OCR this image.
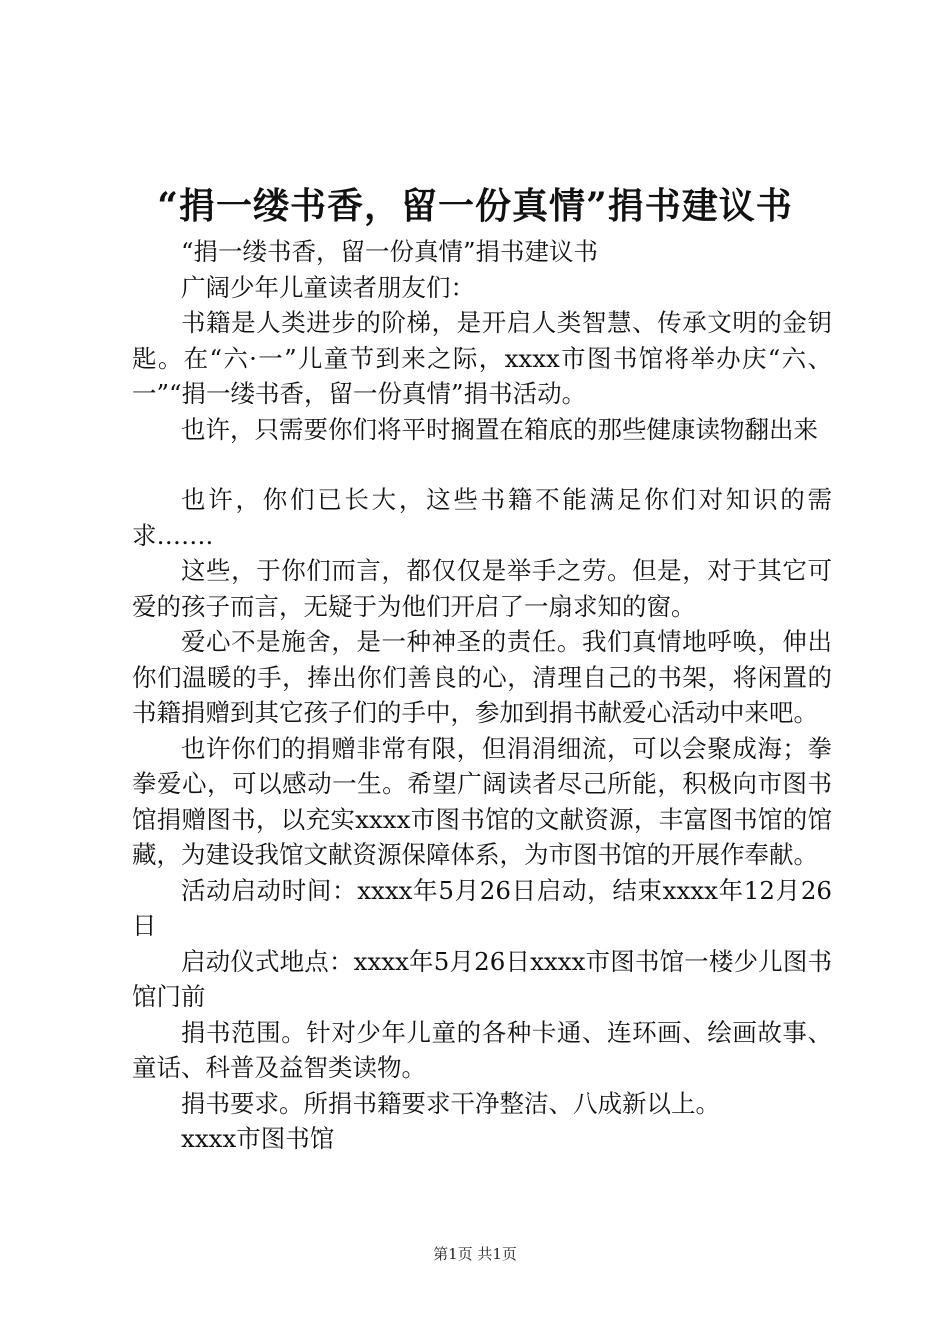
“捐一缕书香，留一份真情”捐书建议书

“捐一缕书香，留一份真情”捐书建议书

广阔少年儿童读者朋友们：

书籍是人类进步的阶梯，是开启人类智慧、传承文明的金钥匙。在“六·一”儿童节到来之际，xxxx市图书馆将举办庆“六、一”“捐一缕书香，留一份真情”捐书活动。

也许，只需要你们将平时搁置在箱底的那些健康读物翻出来

也许，你们已长大，这些书籍不能满足你们对知识的需求…….

这些，于你们而言，都仅仅是举手之劳。但是，对于其它可爱的孩子而言，无疑于为他们开启了一扇求知的窗。

爱心不是施舍，是一种神圣的责任。我们真情地呼唤，伸出你们温暖的手，捧出你们善良的心，清理自己的书架，将闲置的书籍捐赠到其它孩子们的手中，参加到捐书献爱心活动中来吧。

也许你们的捐赠非常有限，但涓涓细流，可以会聚成海；拳拳爱心，可以感动一生。希望广阔读者尽己所能，积极向市图书馆捐赠图书，以充实xxxx市图书馆的文献资源，丰富图书馆的馆藏，为建设我馆文献资源保障体系，为市图书馆的开展作奉献。

活动启动时间：xxxx年5月26日启动，结束xxxx年12月26日

启动仪式地点：xxxx年5月26日xxxx市图书馆一楼少儿图书馆门前

捐书范围。针对少年儿童的各种卡通、连环画、绘画故事、童话、科普及益智类读物。

捐书要求。所捐书籍要求干净整洁、八成新以上。

xxxx市图书馆

第1页 共1页
